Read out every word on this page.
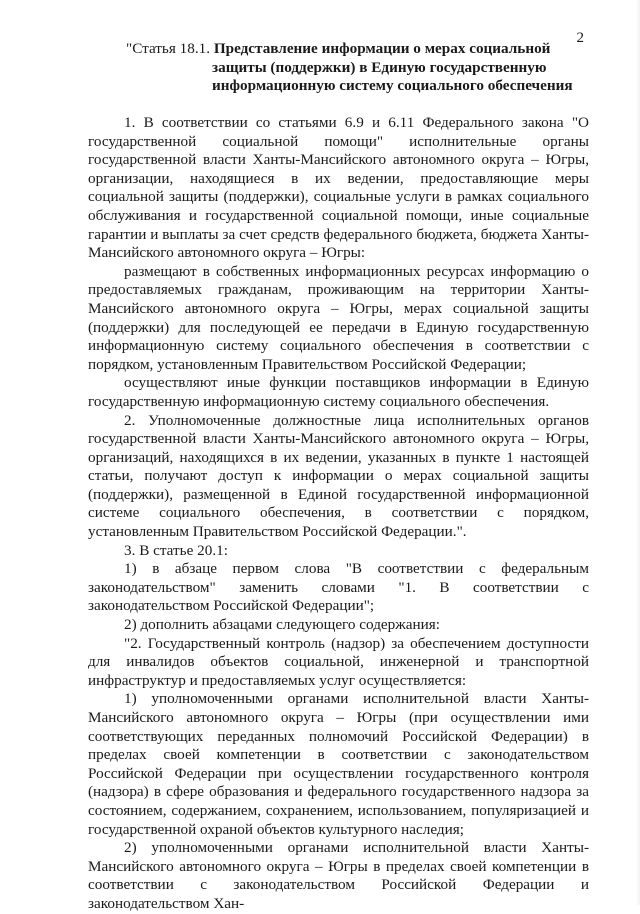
2
"Статья 18.1. Представление информации о мерах социальной
защиты (поддержки) в Единую государственную
информационную систему социального обеспечения

1. В соответствии со статьями 6.9 и 6.11 Федерального закона "О государственной социальной помощи" исполнительные органы государственной власти Ханты-Мансийского автономного округа – Югры, организации, находящиеся в их ведении, предоставляющие меры социальной защиты (поддержки), социальные услуги в рамках социального обслуживания и государственной социальной помощи, иные социальные гарантии и выплаты за счет средств федерального бюджета, бюджета Ханты-Мансийского автономного округа – Югры:

размещают в собственных информационных ресурсах информацию о предоставляемых гражданам, проживающим на территории Ханты-Мансийского автономного округа – Югры, мерах социальной защиты (поддержки) для последующей ее передачи в Единую государственную информационную систему социального обеспечения в соответствии с порядком, установленным Правительством Российской Федерации;

осуществляют иные функции поставщиков информации в Единую государственную информационную систему социального обеспечения.

2. Уполномоченные должностные лица исполнительных органов государственной власти Ханты-Мансийского автономного округа – Югры, организаций, находящихся в их ведении, указанных в пункте 1 настоящей статьи, получают доступ к информации о мерах социальной защиты (поддержки), размещенной в Единой государственной информационной системе социального обеспечения, в соответствии с порядком, установленным Правительством Российской Федерации.".

3. В статье 20.1:

1) в абзаце первом слова "В соответствии с федеральным законодательством" заменить словами "1. В соответствии с законодательством Российской Федерации";

2) дополнить абзацами следующего содержания:

"2. Государственный контроль (надзор) за обеспечением доступности для инвалидов объектов социальной, инженерной и транспортной инфраструктур и предоставляемых услуг осуществляется:

1) уполномоченными органами исполнительной власти Ханты-Мансийского автономного округа – Югры (при осуществлении ими соответствующих переданных полномочий Российской Федерации) в пределах своей компетенции в соответствии с законодательством Российской Федерации при осуществлении государственного контроля (надзора) в сфере образования и федерального государственного надзора за состоянием, содержанием, сохранением, использованием, популяризацией и государственной охраной объектов культурного наследия;

2) уполномоченными органами исполнительной власти Ханты-Мансийского автономного округа – Югры в пределах своей компетенции в соответствии с законодательством Российской Федерации и законодательством Хан-
